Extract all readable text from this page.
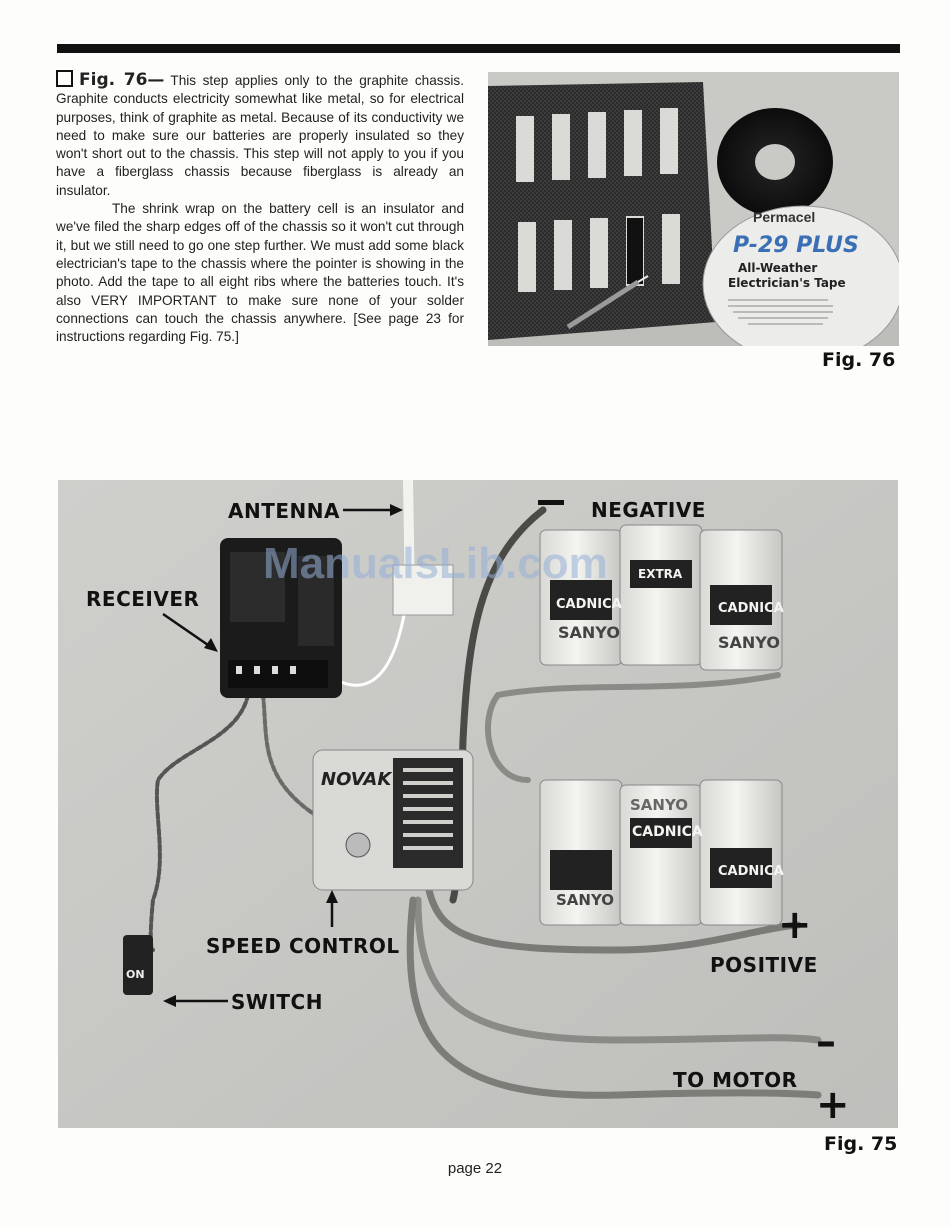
Fig. 76— This step applies only to the graphite chassis. Graphite conducts electricity somewhat like metal, so for electrical purposes, think of graphite as metal. Because of its conductivity we need to make sure our batteries are properly insulated so they won't short out to the chassis. This step will not apply to you if you have a fiberglass chassis because fiberglass is already an insulator.

The shrink wrap on the battery cell is an insulator and we've filed the sharp edges off of the chassis so it won't cut through it, but we still need to go one step further. We must add some black electrician's tape to the chassis where the pointer is showing in the photo. Add the tape to all eight ribs where the batteries touch. It's also VERY IMPORTANT to make sure none of your solder connections can touch the chassis anywhere. [See page 23 for instructions regarding Fig. 75.]

Permacel
P-29 PLUS
All-Weather
Electrician's Tape
Fig. 76
CADNICA
EXTRA
CADNICA
SANYO
SANYO
SANYO
CADNICA
CADNICA
SANYO
NOVAK
ON
ManualsLib.com
ANTENNA	NEGATIVE
RECEIVER
SPEED CONTROL
SWITCH
+
POSITIVE
–
TO MOTOR
+
Fig. 75
page 22
